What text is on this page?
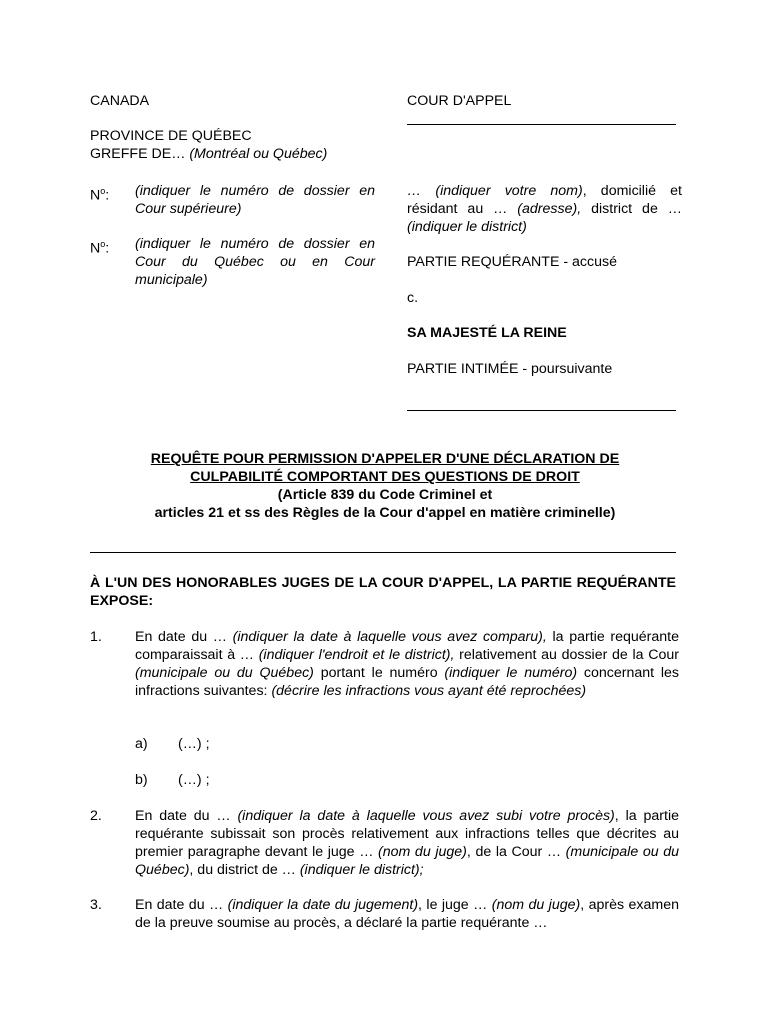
CANADA
PROVINCE DE QUÉBEC
GREFFE DE… (Montréal ou Québec)
$N^o$: (indiquer le numéro de dossier en Cour supérieure)
$N^o$: (indiquer le numéro de dossier en Cour du Québec ou en Cour municipale)
COUR D'APPEL
… (indiquer votre nom), domicilié et résidant au … (adresse), district de … (indiquer le district)
PARTIE REQUÉRANTE - accusé
c.
SA MAJESTÉ LA REINE
PARTIE INTIMÉE - poursuivante
REQUÊTE POUR PERMISSION D'APPELER D'UNE DÉCLARATION DE
CULPABILITÉ COMPORTANT DES QUESTIONS DE DROIT
(Article 839 du Code Criminel et
articles 21 et ss des Règles de la Cour d'appel en matière criminelle)
À L'UN DES HONORABLES JUGES DE LA COUR D'APPEL, LA PARTIE REQUÉRANTE EXPOSE:
1. En date du … (indiquer la date à laquelle vous avez comparu), la partie requérante comparaissait à … (indiquer l'endroit et le district), relativement au dossier de la Cour (municipale ou du Québec) portant le numéro (indiquer le numéro) concernant les infractions suivantes: (décrire les infractions vous ayant été reprochées)
a) (…) ;
b) (…) ;
2. En date du … (indiquer la date à laquelle vous avez subi votre procès), la partie requérante subissait son procès relativement aux infractions telles que décrites au premier paragraphe devant le juge … (nom du juge), de la Cour … (municipale ou du Québec), du district de … (indiquer le district);
3. En date du … (indiquer la date du jugement), le juge … (nom du juge), après examen de la preuve soumise au procès, a déclaré la partie requérante …
